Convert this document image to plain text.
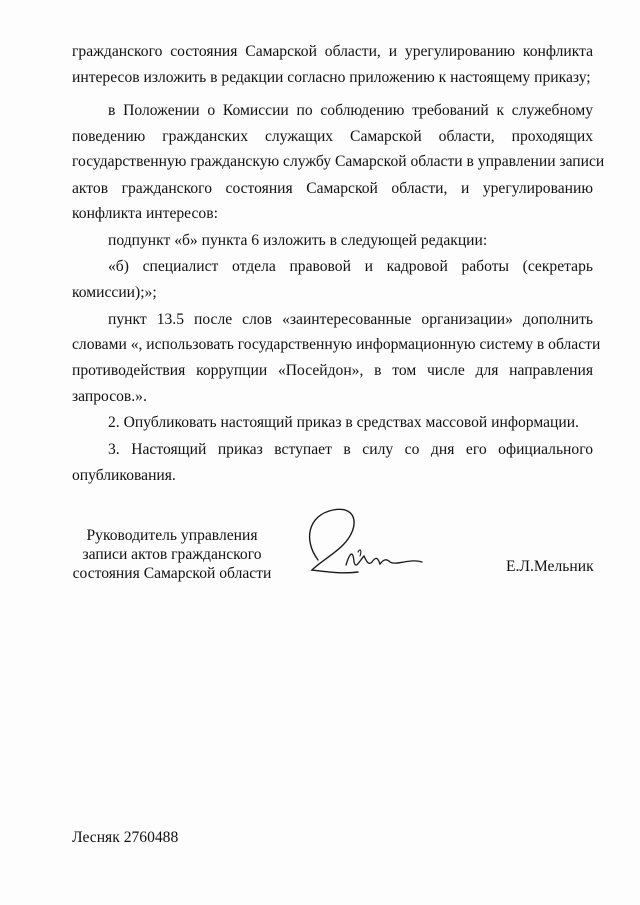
гражданского состояния Самарской области, и урегулированию конфликта
интересов изложить в редакции согласно приложению к настоящему приказу;
в Положении о Комиссии по соблюдению требований к служебному
поведению гражданских служащих Самарской области, проходящих
государственную гражданскую службу Самарской области в управлении записи
актов гражданского состояния Самарской области, и урегулированию
конфликта интересов:
подпункт «б» пункта 6 изложить в следующей редакции:
«б) специалист отдела правовой и кадровой работы (секретарь
комиссии);»;
пункт 13.5 после слов «заинтересованные организации» дополнить
словами «, использовать государственную информационную систему в области
противодействия коррупции «Посейдон», в том числе для направления
запросов.».
2. Опубликовать настоящий приказ в средствах массовой информации.
3. Настоящий приказ вступает в силу со дня его официального
опубликования.
Руководитель управления
записи актов гражданского
состояния Самарской области	Е.Л.Мельник
Лесняк 2760488
